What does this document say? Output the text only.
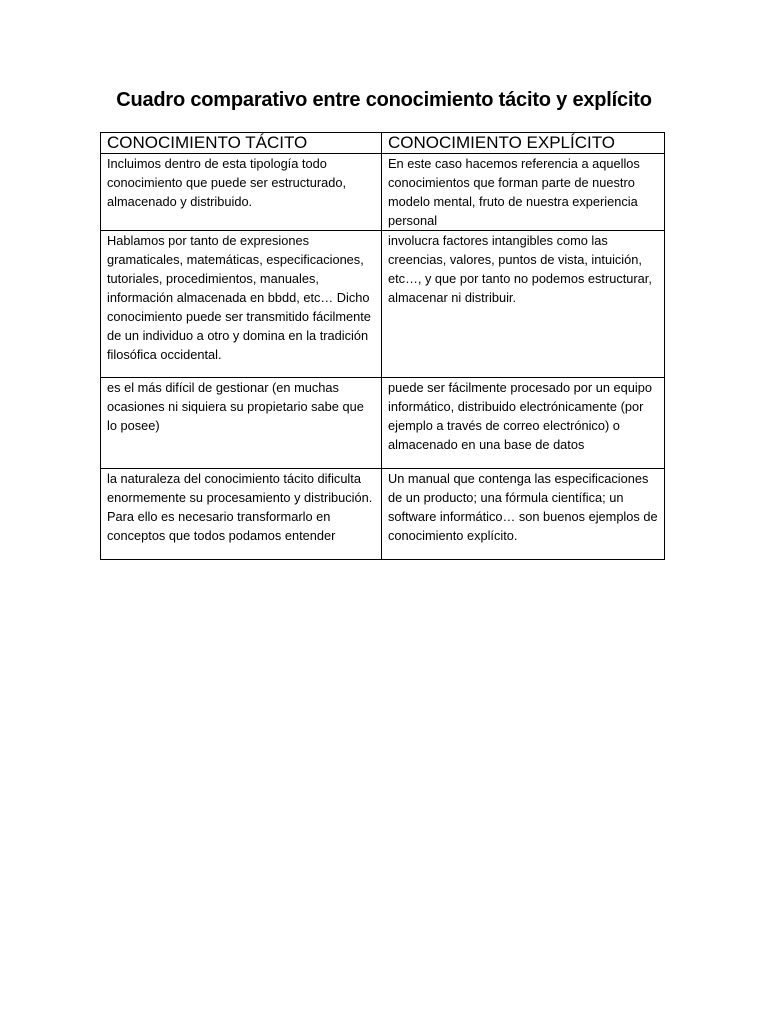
Cuadro comparativo entre conocimiento tácito y explícito
CONOCIMIENTO TÁCITO	CONOCIMIENTO EXPLÍCITO
Incluimos dentro de esta tipología todo conocimiento que puede ser estructurado, almacenado y distribuido.	En este caso hacemos referencia a aquellos conocimientos que forman parte de nuestro modelo mental, fruto de nuestra experiencia personal
Hablamos por tanto de expresiones gramaticales, matemáticas, especificaciones, tutoriales, procedimientos, manuales, información almacenada en bbdd, etc… Dicho conocimiento puede ser transmitido fácilmente de un individuo a otro y domina en la tradición filosófica occidental.	involucra factores intangibles como las creencias, valores, puntos de vista, intuición, etc…, y que por tanto no podemos estructurar, almacenar ni distribuir.
es el más difícil de gestionar (en muchas ocasiones ni siquiera su propietario sabe que lo posee)	puede ser fácilmente procesado por un equipo informático, distribuido electrónicamente (por ejemplo a través de correo electrónico) o almacenado en una base de datos
la naturaleza del conocimiento tácito dificulta enormemente su procesamiento y distribución. Para ello es necesario transformarlo en conceptos que todos podamos entender	Un manual que contenga las especificaciones de un producto; una fórmula científica; un software informático… son buenos ejemplos de conocimiento explícito.
